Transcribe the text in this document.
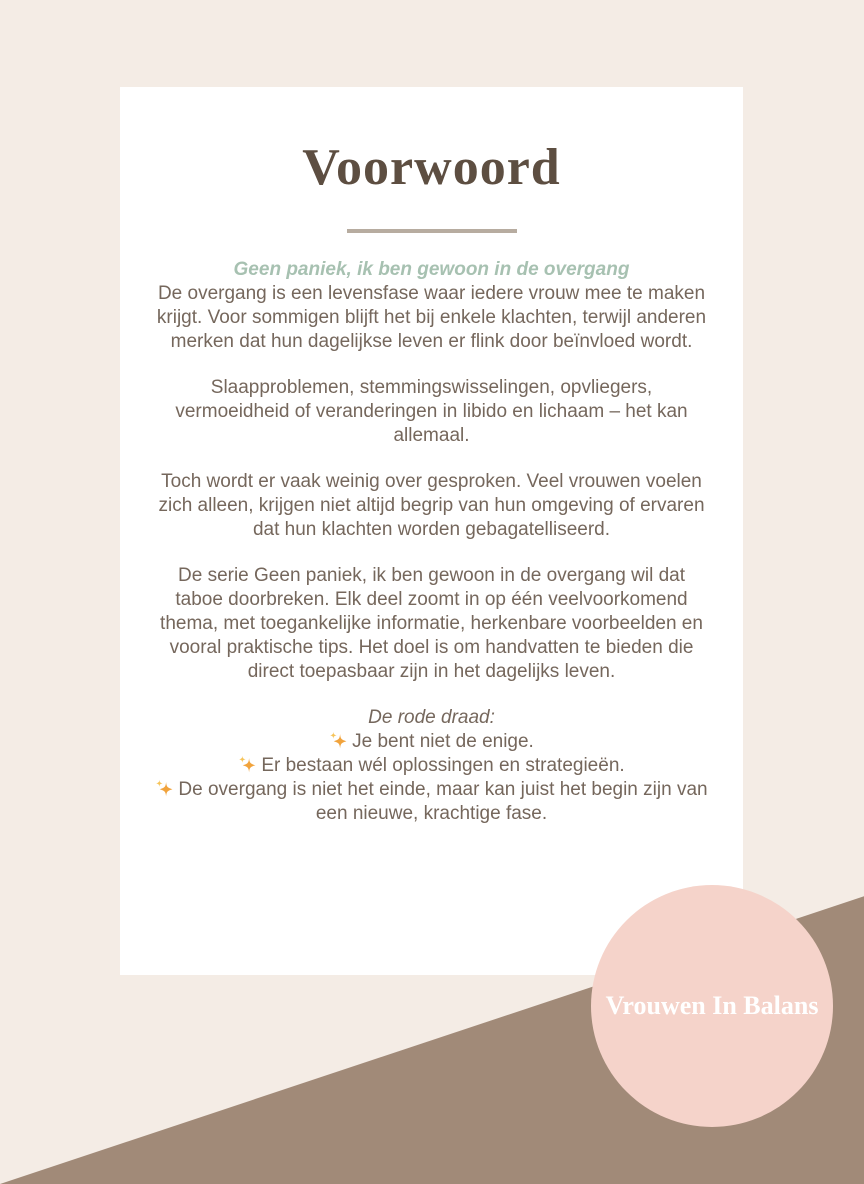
Voorwoord

Geen paniek, ik ben gewoon in de overgang

De overgang is een levensfase waar iedere vrouw mee te maken krijgt. Voor sommigen blijft het bij enkele klachten, terwijl anderen merken dat hun dagelijkse leven er flink door beïnvloed wordt.

Slaapproblemen, stemmingswisselingen, opvliegers, vermoeidheid of veranderingen in libido en lichaam – het kan allemaal.

Toch wordt er vaak weinig over gesproken. Veel vrouwen voelen zich alleen, krijgen niet altijd begrip van hun omgeving of ervaren dat hun klachten worden gebagatelliseerd.

De serie Geen paniek, ik ben gewoon in de overgang wil dat taboe doorbreken. Elk deel zoomt in op één veelvoorkomend thema, met toegankelijke informatie, herkenbare voorbeelden en vooral praktische tips. Het doel is om handvatten te bieden die direct toepasbaar zijn in het dagelijks leven.

De rode draad:

Je bent niet de enige.

Er bestaan wél oplossingen en strategieën.

De overgang is niet het einde, maar kan juist het begin zijn van een nieuwe, krachtige fase.

Vrouwen In Balans
